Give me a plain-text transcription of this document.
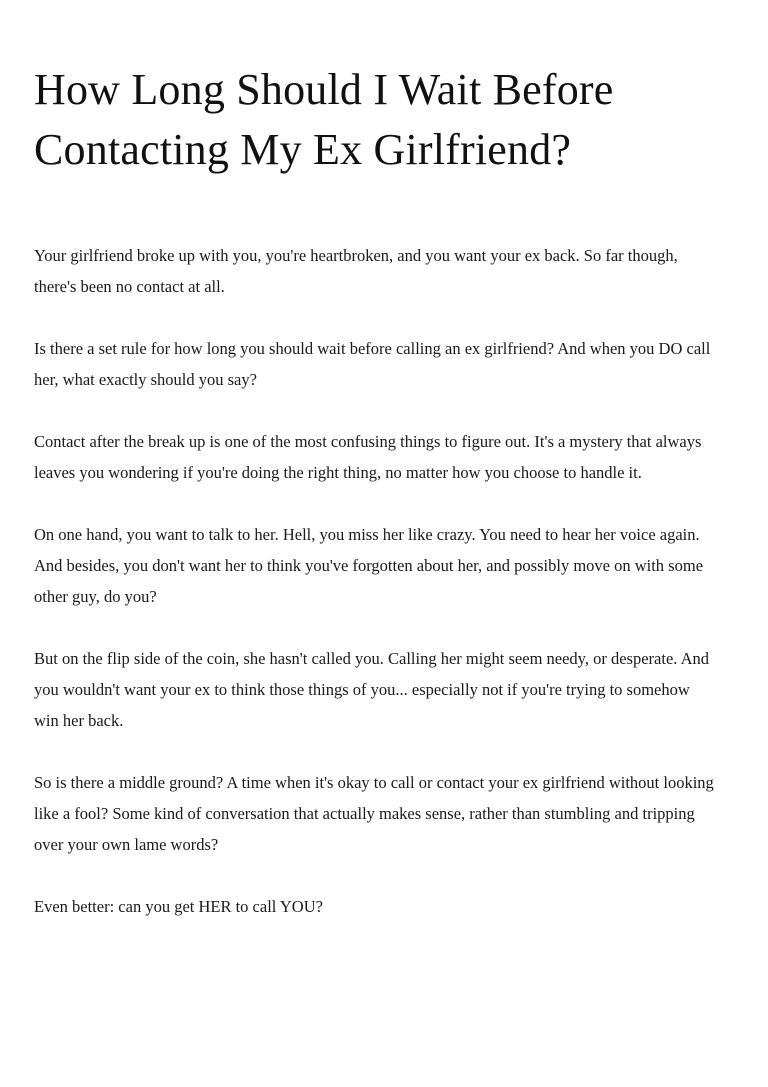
How Long Should I Wait Before Contacting My Ex Girlfriend?

Your girlfriend broke up with you, you're heartbroken, and you want your ex back. So far though, there's been no contact at all.

Is there a set rule for how long you should wait before calling an ex girlfriend? And when you DO call her, what exactly should you say?

Contact after the break up is one of the most confusing things to figure out. It's a mystery that always leaves you wondering if you're doing the right thing, no matter how you choose to handle it.

On one hand, you want to talk to her. Hell, you miss her like crazy. You need to hear her voice again. And besides, you don't want her to think you've forgotten about her, and possibly move on with some other guy, do you?

But on the flip side of the coin, she hasn't called you. Calling her might seem needy, or desperate. And you wouldn't want your ex to think those things of you... especially not if you're trying to somehow win her back.

So is there a middle ground? A time when it's okay to call or contact your ex girlfriend without looking like a fool? Some kind of conversation that actually makes sense, rather than stumbling and tripping over your own lame words?

Even better: can you get HER to call YOU?
